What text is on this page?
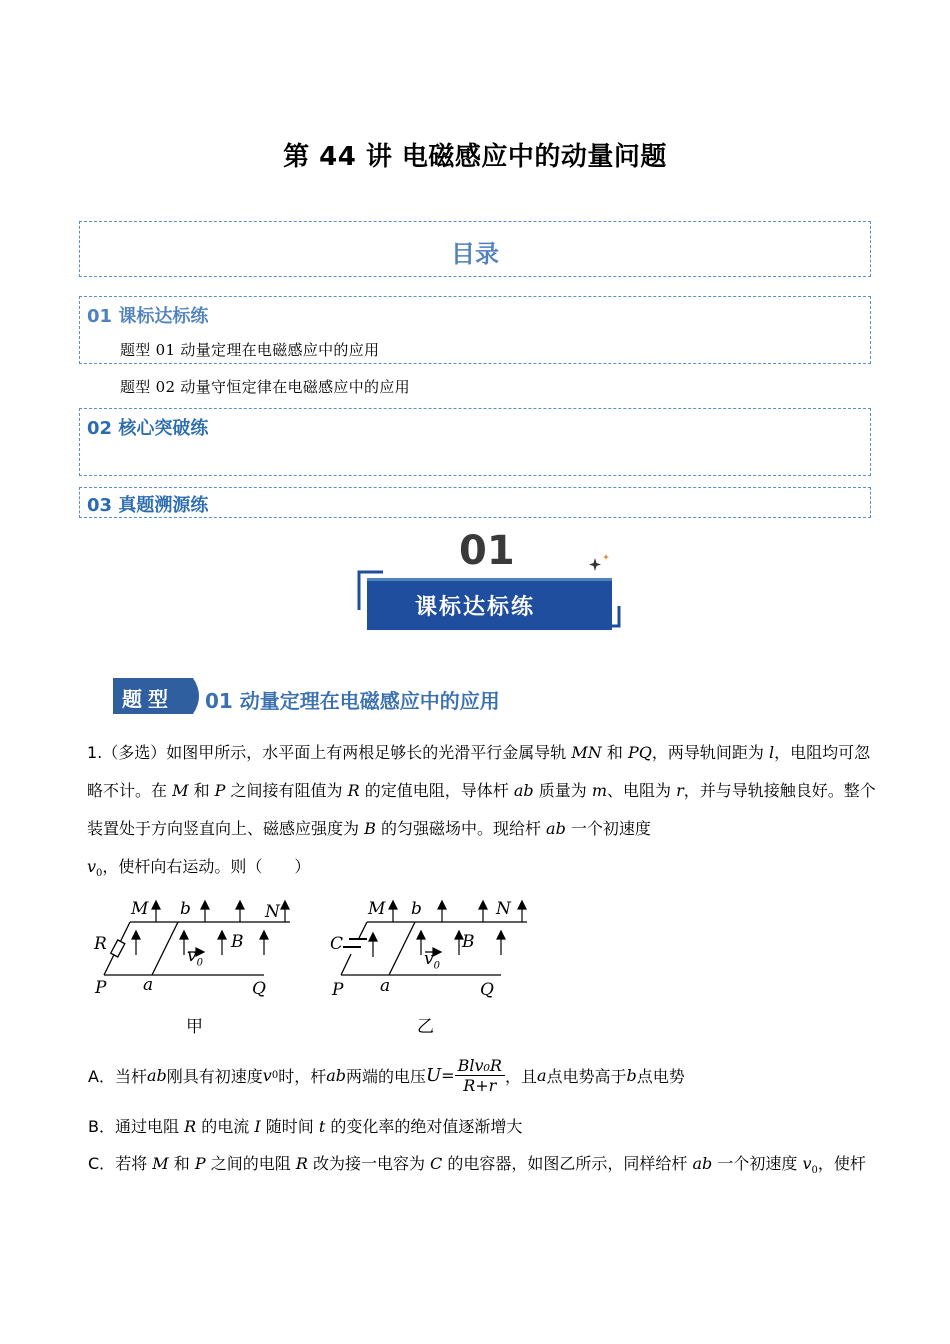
第 44 讲 电磁感应中的动量问题
目录
01 课标达标练
题型 01 动量定理在电磁感应中的应用
题型 02 动量守恒定律在电磁感应中的应用
02 核心突破练
03 真题溯源练
01
课标达标练
题型 01 动量定理在电磁感应中的应用
1.（多选）如图甲所示，水平面上有两根足够长的光滑平行金属导轨 MN 和 PQ，两导轨间距为 l，电阻均可忽略不计。在 M 和 P 之间接有阻值为 R 的定值电阻，导体杆 ab 质量为 m、电阻为 r，并与导轨接触良好。整个装置处于方向竖直向上、磁感应强度为 B 的匀强磁场中。现给杆 ab 一个初速度 $v_0$，使杆向右运动。则（　　）
M b	N
R	B
$v_0$
P a	Q
甲
M b	N
C	B
$v_0$
P a	Q
乙
A． 当杆 ab 刚具有初速度 v 0 时，杆 ab 两端的电压 $U = \frac{\text{Blv₀R}}{R+r}$ ，且 a 点电势高于 b 点电势
B．通过电阻 R 的电流 I 随时间 t 的变化率的绝对值逐渐增大
C．若将 M 和 P 之间的电阻 R 改为接一电容为 C 的电容器，如图乙所示，同样给杆 ab 一个初速度 $v_0$，使杆
